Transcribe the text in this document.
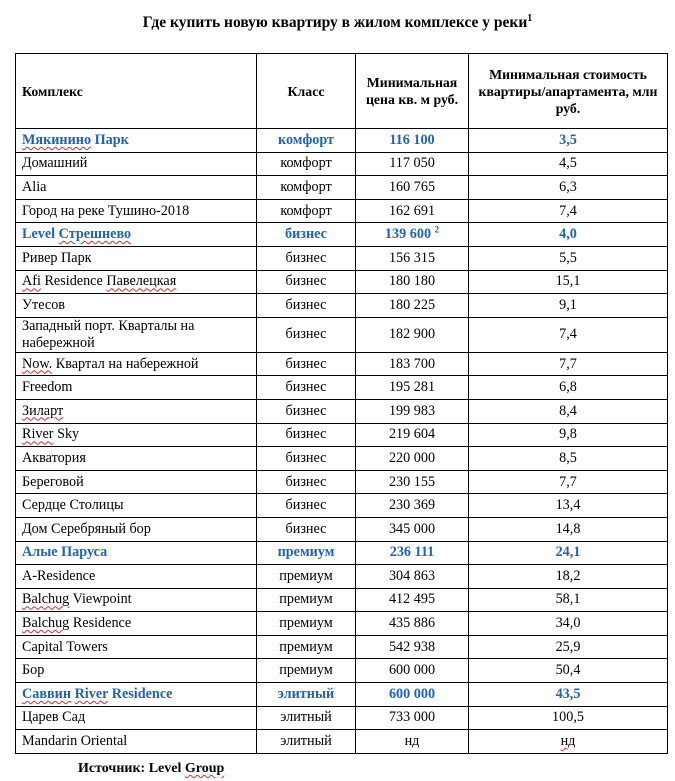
Где купить новую квартиру в жилом комплексе у реки$^1$
Комплекс	Класс	Минимальная цена кв. м руб.	Минимальная стоимость квартиры/апартамента, млн руб.
Мякинино Парк	комфорт	116 100	3,5
Домашний	комфорт	117 050	4,5
Alia	комфорт	160 765	6,3
Город на реке Тушино-2018	комфорт	162 691	7,4
Level Стрешнево	бизнес	139 600 $^2$	4,0
Ривер Парк	бизнес	156 315	5,5
Afi Residence Павелецкая	бизнес	180 180	15,1
Утесов	бизнес	180 225	9,1
Западный порт. Кварталы на набережной	бизнес	182 900	7,4
Now. Квартал на набережной	бизнес	183 700	7,7
Freedom	бизнес	195 281	6,8
Зиларт	бизнес	199 983	8,4
River Sky	бизнес	219 604	9,8
Акватория	бизнес	220 000	8,5
Береговой	бизнес	230 155	7,7
Сердце Столицы	бизнес	230 369	13,4
Дом Серебряный бор	бизнес	345 000	14,8
Алые Паруса	премиум	236 111	24,1
A-Residence	премиум	304 863	18,2
Balchug Viewpoint	премиум	412 495	58,1
Balchug Residence	премиум	435 886	34,0
Capital Towers	премиум	542 938	25,9
Бор	премиум	600 000	50,4
Саввин River Residence	элитный	600 000	43,5
Царев Сад	элитный	733 000	100,5
Mandarin Oriental	элитный	нд	нд
Источник: Level Group
